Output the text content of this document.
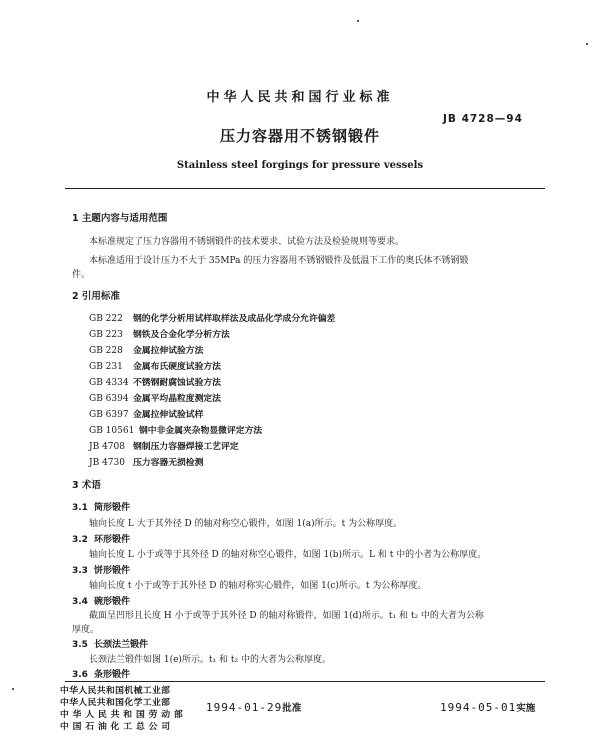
中华人民共和国行业标准
JB 4728—94
压力容器用不锈钢锻件
Stainless steel forgings for pressure vessels
1 主题内容与适用范围
本标准规定了压力容器用不锈钢锻件的技术要求、试验方法及检验规则等要求。
本标准适用于设计压力不大于 35MPa 的压力容器用不锈钢锻件及低温下工作的奥氏体不锈钢锻
件。
2 引用标准
GB 222 钢的化学分析用试样取样法及成品化学成分允许偏差
GB 223 钢铁及合金化学分析方法
GB 228 金属拉伸试验方法
GB 231 金属布氏硬度试验方法
GB 4334 不锈钢耐腐蚀试验方法
GB 6394 金属平均晶粒度测定法
GB 6397 金属拉伸试验试样
GB 10561 钢中非金属夹杂物显微评定方法
JB 4708 钢制压力容器焊接工艺评定
JB 4730 压力容器无损检测
3 术语
3.1 筒形锻件
轴向长度 L 大于其外径 D 的轴对称空心锻件，如图 1(a)所示。t 为公称厚度。
3.2 环形锻件
轴向长度 L 小于或等于其外径 D 的轴对称空心锻件，如图 1(b)所示。L 和 t 中的小者为公称厚度。
3.3 饼形锻件
轴向长度 t 小于或等于其外径 D 的轴对称实心锻件，如图 1(c)所示。t 为公称厚度。
3.4 碗形锻件
截面呈凹形且长度 H 小于或等于其外径 D 的轴对称锻件，如图 1(d)所示。t₁ 和 t₂ 中的大者为公称
厚度。
3.5 长颈法兰锻件
长颈法兰锻件如图 1(e)所示。t₁ 和 t₂ 中的大者为公称厚度。
3.6 条形锻件
中华人民共和国机械工业部
中华人民共和国化学工业部
中 华 人 民 共 和 国 劳 动 部
中 国 石 油 化 工 总 公 司
1994-01-29批准	1994-05-01实施
